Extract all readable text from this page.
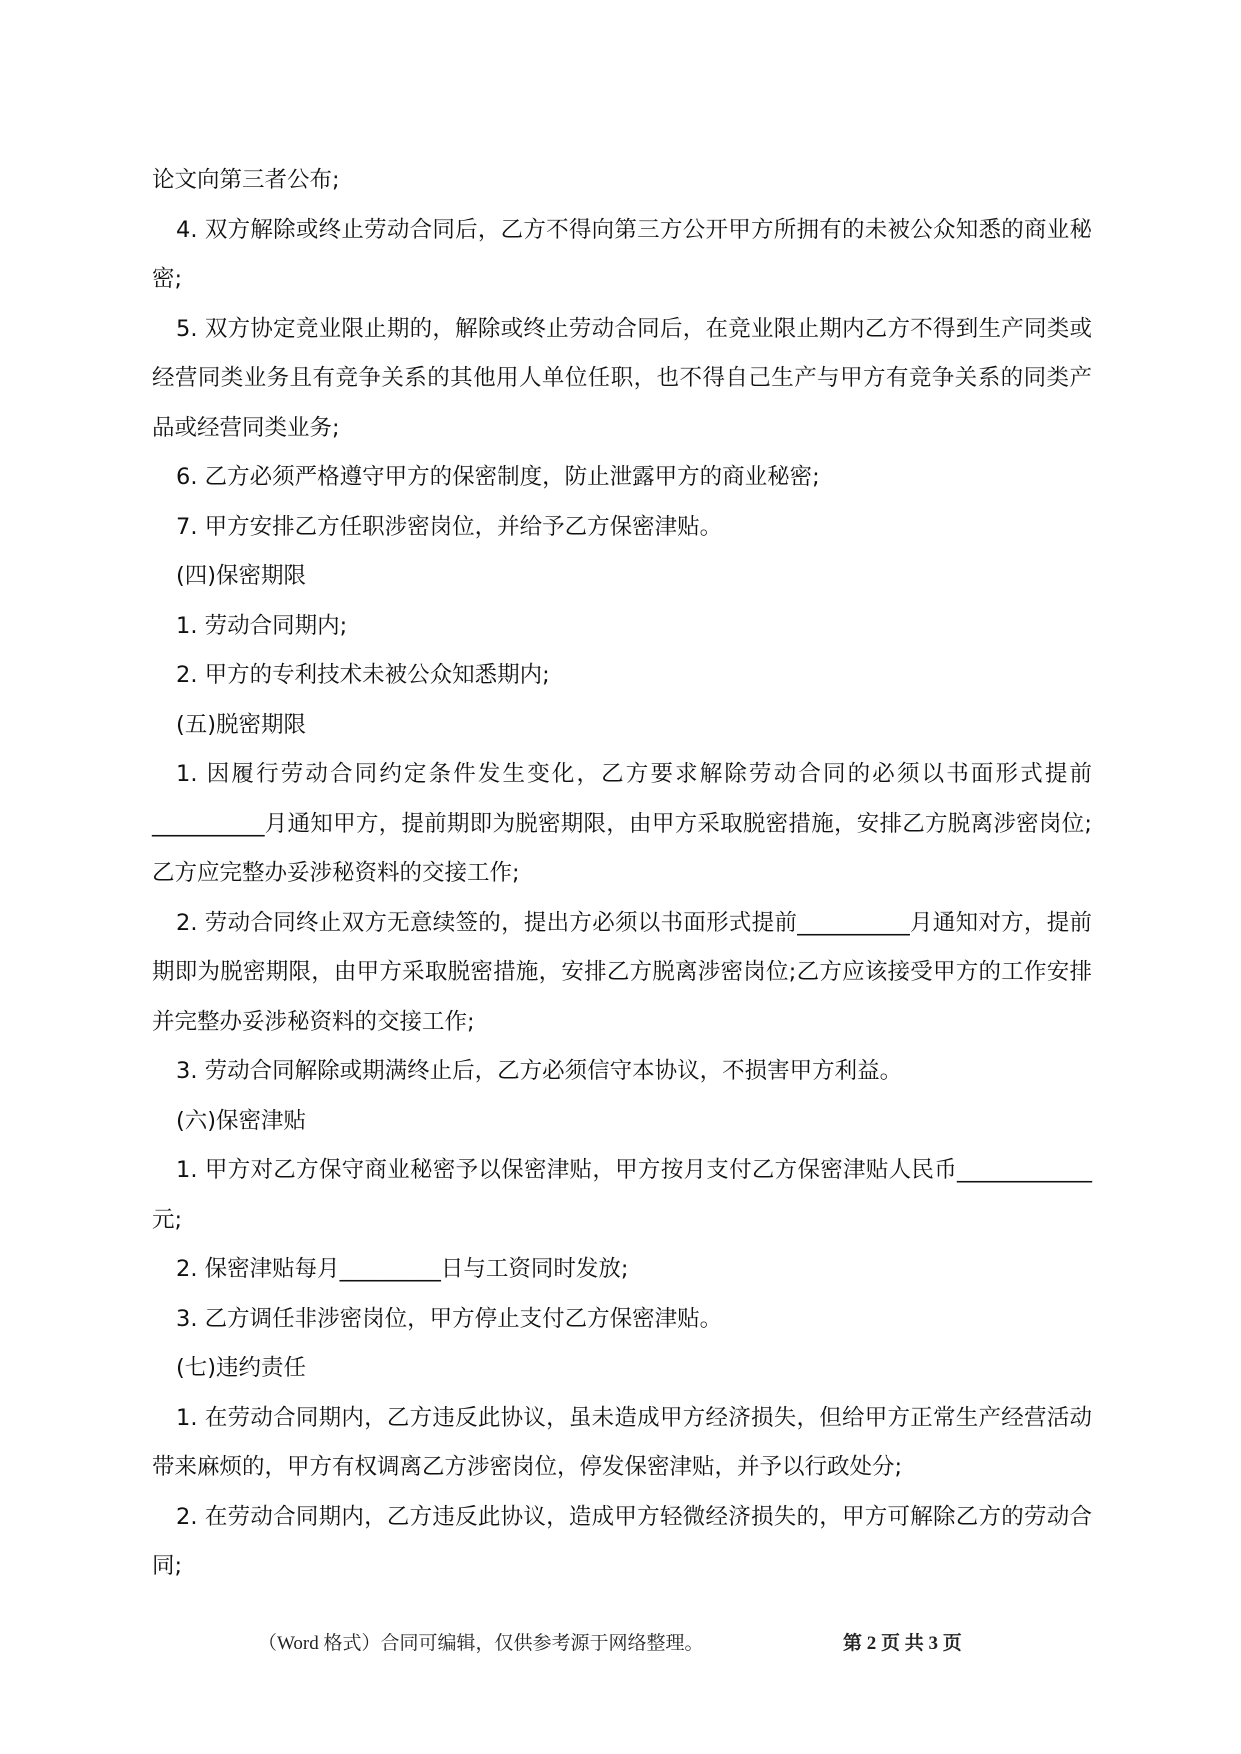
论文向第三者公布;

4. 双方解除或终止劳动合同后，乙方不得向第三方公开甲方所拥有的未被公众知悉的商业秘密;

5. 双方协定竞业限止期的，解除或终止劳动合同后，在竞业限止期内乙方不得到生产同类或经营同类业务且有竞争关系的其他用人单位任职，也不得自己生产与甲方有竞争关系的同类产品或经营同类业务;

6. 乙方必须严格遵守甲方的保密制度，防止泄露甲方的商业秘密;

7. 甲方安排乙方任职涉密岗位，并给予乙方保密津贴。

(四)保密期限

1. 劳动合同期内;

2. 甲方的专利技术未被公众知悉期内;

(五)脱密期限

1. 因履行劳动合同约定条件发生变化，乙方要求解除劳动合同的必须以书面形式提前__________月通知甲方，提前期即为脱密期限，由甲方采取脱密措施，安排乙方脱离涉密岗位;乙方应完整办妥涉秘资料的交接工作;

2. 劳动合同终止双方无意续签的，提出方必须以书面形式提前__________月通知对方，提前期即为脱密期限，由甲方采取脱密措施，安排乙方脱离涉密岗位;乙方应该接受甲方的工作安排并完整办妥涉秘资料的交接工作;

3. 劳动合同解除或期满终止后，乙方必须信守本协议，不损害甲方利益。

(六)保密津贴

1. 甲方对乙方保守商业秘密予以保密津贴，甲方按月支付乙方保密津贴人民币____________元;

2. 保密津贴每月_________日与工资同时发放;

3. 乙方调任非涉密岗位，甲方停止支付乙方保密津贴。

(七)违约责任

1. 在劳动合同期内，乙方违反此协议，虽未造成甲方经济损失，但给甲方正常生产经营活动带来麻烦的，甲方有权调离乙方涉密岗位，停发保密津贴，并予以行政处分;

2. 在劳动合同期内，乙方违反此协议，造成甲方轻微经济损失的，甲方可解除乙方的劳动合同;

（Word 格式）合同可编辑，仅供参考源于网络整理。	第 2 页 共 3 页
